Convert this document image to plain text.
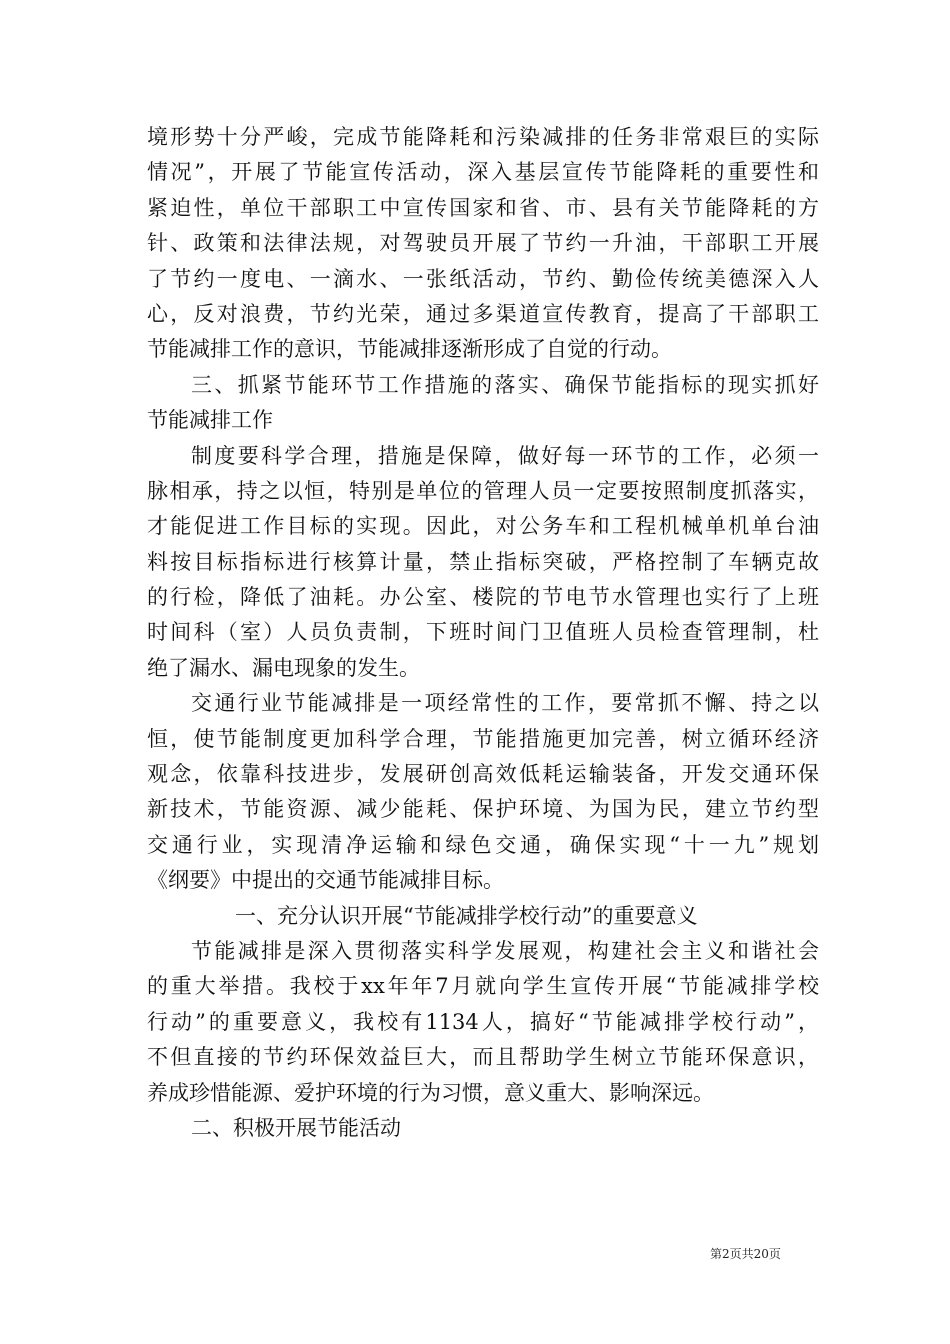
境形势十分严峻，完成节能降耗和污染减排的任务非常艰巨的实际
情况”，开展了节能宣传活动，深入基层宣传节能降耗的重要性和
紧迫性，单位干部职工中宣传国家和省、市、县有关节能降耗的方
针、政策和法律法规，对驾驶员开展了节约一升油，干部职工开展
了节约一度电、一滴水、一张纸活动，节约、勤俭传统美德深入人
心，反对浪费，节约光荣，通过多渠道宣传教育，提高了干部职工
节能减排工作的意识，节能减排逐渐形成了自觉的行动。
三、抓紧节能环节工作措施的落实、确保节能指标的现实抓好
节能减排工作
制度要科学合理，措施是保障，做好每一环节的工作，必须一
脉相承，持之以恒，特别是单位的管理人员一定要按照制度抓落实，
才能促进工作目标的实现。因此，对公务车和工程机械单机单台油
料按目标指标进行核算计量，禁止指标突破，严格控制了车辆克故
的行检，降低了油耗。办公室、楼院的节电节水管理也实行了上班
时间科（室）人员负责制，下班时间门卫值班人员检查管理制，杜
绝了漏水、漏电现象的发生。
交通行业节能减排是一项经常性的工作，要常抓不懈、持之以
恒，使节能制度更加科学合理，节能措施更加完善，树立循环经济
观念，依靠科技进步，发展研创高效低耗运输装备，开发交通环保
新技术，节能资源、减少能耗、保护环境、为国为民，建立节约型
交通行业，实现清净运输和绿色交通，确保实现“十一九”规划
《纲要》中提出的交通节能减排目标。
一、充分认识开展“节能减排学校行动”的重要意义
节能减排是深入贯彻落实科学发展观，构建社会主义和谐社会
的重大举措。我校于xx年年7月就向学生宣传开展“节能减排学校
行动”的重要意义，我校有1134人，搞好“节能减排学校行动”，
不但直接的节约环保效益巨大，而且帮助学生树立节能环保意识，
养成珍惜能源、爱护环境的行为习惯，意义重大、影响深远。
二、积极开展节能活动
第2页共20页
